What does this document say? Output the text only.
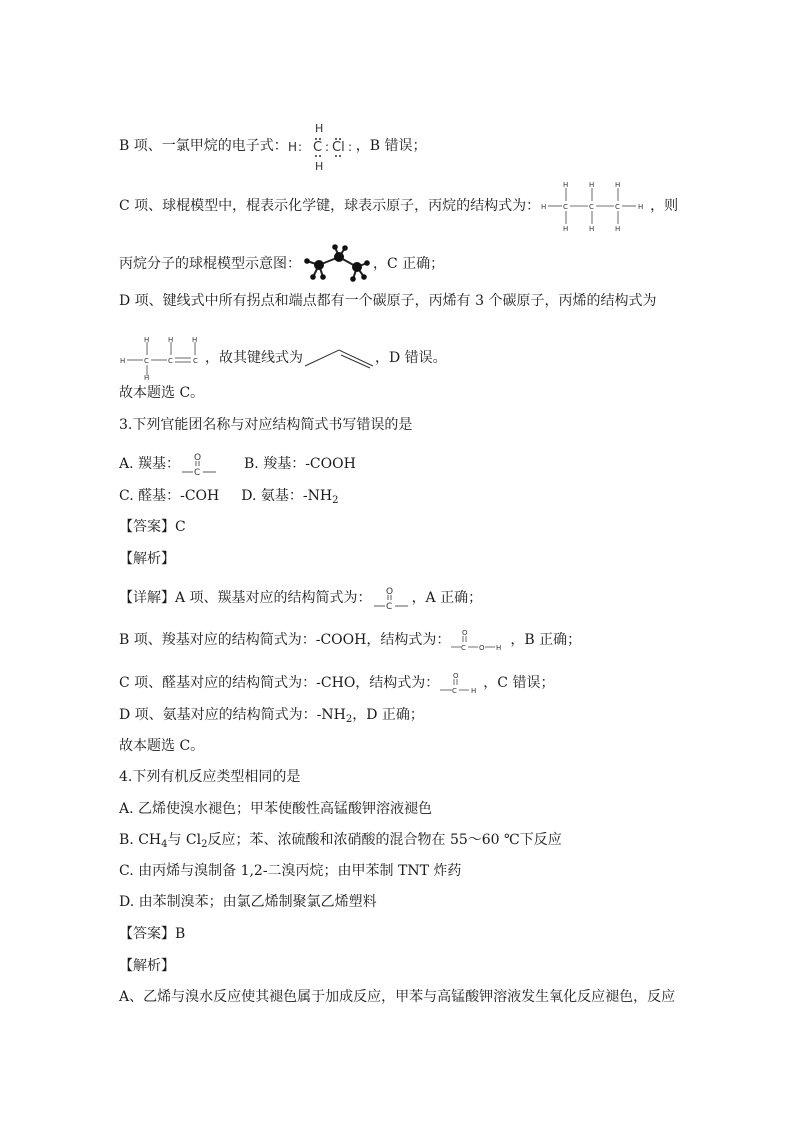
B 项、一氯甲烷的电子式：
H
H : C : Cl :
H
，B 错误；
C 项、球棍模型中，棍表示化学键，球表示原子，丙烷的结构式为： H C	C	C	H
H	H	H
H	H	H
，则
丙烷分子的球棍模型示意图：	，C 正确；
D 项、键线式中所有拐点和端点都有一个碳原子，丙烯有 3 个碳原子，丙烯的结构式为
H	C	C	C
H	H	H
H
，故其键线式为	，D 错误。
故本题选 C。
3.下列官能团名称与对应结构简式书写错误的是
A. 羰基： O
C
B. 羧基：-COOH
C. 醛基：-COH D. 氨基：$-NH_2$
【答案】C
【解析】
【详解】A 项、羰基对应的结构简式为： O
C
，A 正确；
B 项、羧基对应的结构简式为：-COOH，结构式为： O
C O H ，B 正确；
C 项、醛基对应的结构简式为：-CHO，结构式为： O
C H ，C 错误；
D 项、氨基对应的结构简式为：$-NH_2$，D 正确；
故本题选 C。
4.下列有机反应类型相同的是
A. 乙烯使溴水褪色；甲苯使酸性高锰酸钾溶液褪色
B. $CH_4$与 $Cl_2$反应；苯、浓硫酸和浓硝酸的混合物在 55～60 ℃下反应
C. 由丙烯与溴制备 1,2-二溴丙烷；由甲苯制 TNT 炸药
D. 由苯制溴苯；由氯乙烯制聚氯乙烯塑料
【答案】B
【解析】
A、乙烯与溴水反应使其褪色属于加成反应，甲苯与高锰酸钾溶液发生氧化反应褪色，反应
